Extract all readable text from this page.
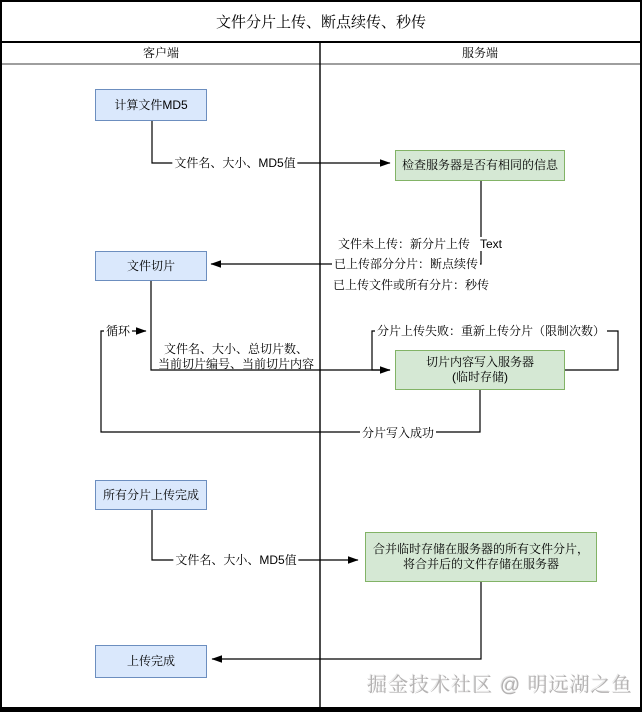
文件分片上传、断点续传、秒传
客户端	服务端
计算文件MD5
文件切片
所有分片上传完成
上传完成
检查服务器是否有相同的信息
切片内容写入服务器
(临时存储)
合并临时存储在服务器的所有文件分片，
将合并后的文件存储在服务器
文件名、大小、MD5值
文件未上传：新分片上传 Text
已上传部分分片：断点续传
已上传文件或所有分片：秒传
循环
文件名、大小、总切片数、
当前切片编号、当前切片内容
分片上传失败：重新上传分片（限制次数）
分片写入成功
文件名、大小、MD5值
掘金技术社区 @ 明远湖之鱼
